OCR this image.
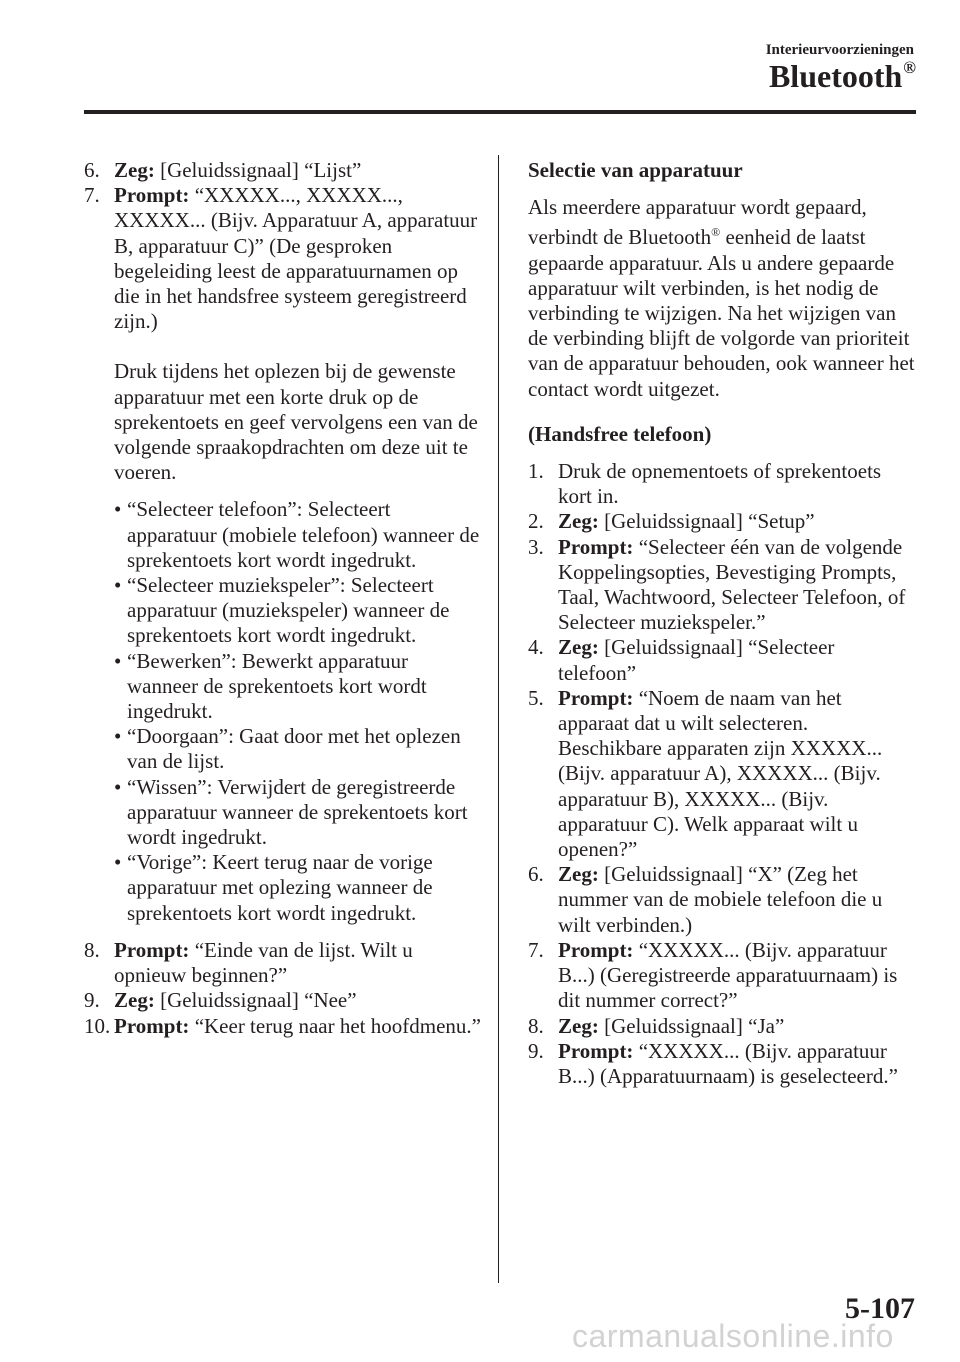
Interieurvoorzieningen
Bluetooth®
6. Zeg: [Geluidssignaal] “Lijst”
7. Prompt: “XXXXX..., XXXXX..., XXXXX... (Bijv. Apparatuur A, apparatuur B, apparatuur C)” (De gesproken begeleiding leest de apparatuurnamen op die in het handsfree systeem geregistreerd zijn.)
Druk tijdens het oplezen bij de gewenste apparatuur met een korte druk op de sprekentoets en geef vervolgens een van de volgende spraakopdrachten om deze uit te voeren.
• “Selecteer telefoon”: Selecteert apparatuur (mobiele telefoon) wanneer de sprekentoets kort wordt ingedrukt.
• “Selecteer muziekspeler”: Selecteert apparatuur (muziekspeler) wanneer de sprekentoets kort wordt ingedrukt.
• “Bewerken”: Bewerkt apparatuur wanneer de sprekentoets kort wordt ingedrukt.
• “Doorgaan”: Gaat door met het oplezen van de lijst.
• “Wissen”: Verwijdert de geregistreerde apparatuur wanneer de sprekentoets kort wordt ingedrukt.
• “Vorige”: Keert terug naar de vorige apparatuur met oplezing wanneer de sprekentoets kort wordt ingedrukt.
8. Prompt: “Einde van de lijst. Wilt u opnieuw beginnen?”
9. Zeg: [Geluidssignaal] “Nee”
10. Prompt: “Keer terug naar het hoofdmenu.”
Selectie van apparatuur
Als meerdere apparatuur wordt gepaard, verbindt de Bluetooth® eenheid de laatst gepaarde apparatuur. Als u andere gepaarde apparatuur wilt verbinden, is het nodig de verbinding te wijzigen. Na het wijzigen van de verbinding blijft de volgorde van prioriteit van de apparatuur behouden, ook wanneer het contact wordt uitgezet.
(Handsfree telefoon)
1. Druk de opnementoets of sprekentoets kort in.
2. Zeg: [Geluidssignaal] “Setup”
3. Prompt: “Selecteer één van de volgende Koppelingsopties, Bevestiging Prompts, Taal, Wachtwoord, Selecteer Telefoon, of Selecteer muziekspeler.”
4. Zeg: [Geluidssignaal] “Selecteer telefoon”
5. Prompt: “Noem de naam van het apparaat dat u wilt selecteren. Beschikbare apparaten zijn XXXXX... (Bijv. apparatuur A), XXXXX... (Bijv. apparatuur B), XXXXX... (Bijv. apparatuur C). Welk apparaat wilt u openen?”
6. Zeg: [Geluidssignaal] “X” (Zeg het nummer van de mobiele telefoon die u wilt verbinden.)
7. Prompt: “XXXXX... (Bijv. apparatuur B...) (Geregistreerde apparatuurnaam) is dit nummer correct?”
8. Zeg: [Geluidssignaal] “Ja”
9. Prompt: “XXXXX... (Bijv. apparatuur B...) (Apparatuurnaam) is geselecteerd.”
5-107
carmanualsonline.info
